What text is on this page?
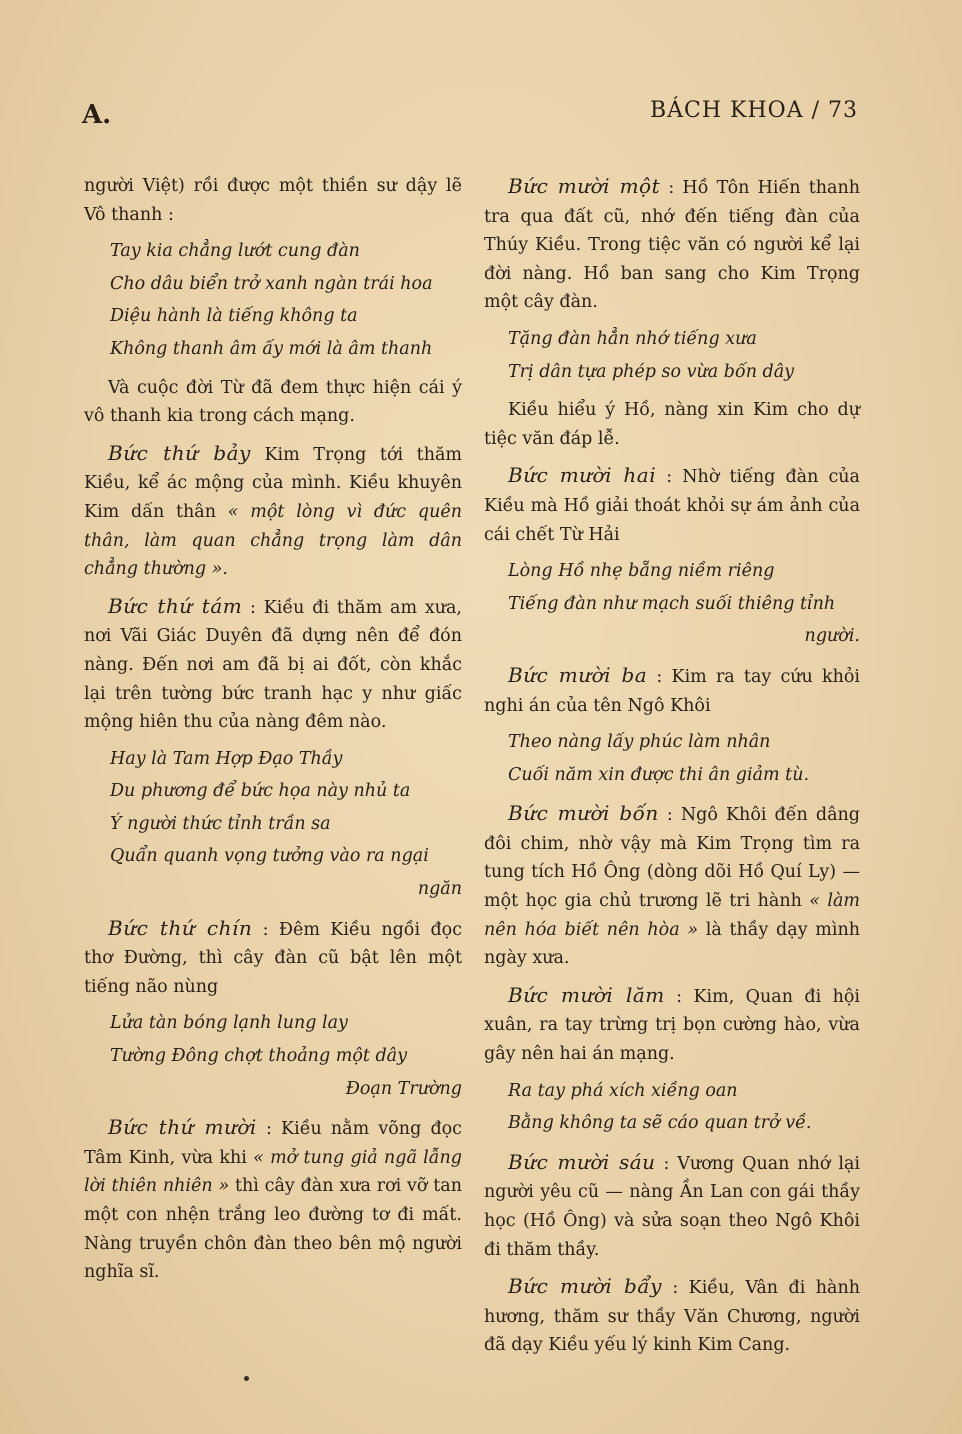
A.	BÁCH KHOA / 73

người Việt) rồi được một thiền sư dậy lẽ Vô thanh :

Tay kia chẳng lướt cung đàn
Cho dâu biển trở xanh ngàn trái hoa
Diệu hành là tiếng không ta
Không thanh âm ấy mới là âm thanh

Và cuộc đời Từ đã đem thực hiện cái ý vô thanh kia trong cách mạng.

Bức thứ bảy Kim Trọng tới thăm Kiều, kể ác mộng của mình. Kiều khuyên Kim dấn thân « một lòng vì đức quên thân, làm quan chẳng trọng làm dân chẳng thường ».

Bức thứ tám : Kiều đi thăm am xưa, nơi Vãi Giác Duyên đã dựng nên để đón nàng. Đến nơi am đã bị ai đốt, còn khắc lại trên tường bức tranh hạc y như giấc mộng hiên thu của nàng đêm nào.

Hay là Tam Hợp Đạo Thầy
Du phương để bức họa này nhủ ta
Ý người thức tỉnh trần sa
Quẩn quanh vọng tưởng vào ra ngại
ngăn

Bức thứ chín : Đêm Kiều ngồi đọc thơ Đường, thì cây đàn cũ bật lên một tiếng não nùng

Lửa tàn bóng lạnh lung lay
Tường Đông chợt thoảng một dây
Đoạn Trường

Bức thứ mười : Kiều nằm võng đọc Tâm Kinh, vừa khi « mở tung giả ngã lẫng lời thiên nhiên » thì cây đàn xưa rơi vỡ tan một con nhện trắng leo đường tơ đi mất. Nàng truyền chôn đàn theo bên mộ người nghĩa sĩ.

Bức mười một : Hồ Tôn Hiến thanh tra qua đất cũ, nhớ đến tiếng đàn của Thúy Kiều. Trong tiệc văn có người kể lại đời nàng. Hồ ban sang cho Kim Trọng một cây đàn.

Tặng đàn hẳn nhớ tiếng xưa
Trị dân tựa phép so vừa bốn dây

Kiều hiểu ý Hồ, nàng xin Kim cho dự tiệc văn đáp lễ.

Bức mười hai : Nhờ tiếng đàn của Kiều mà Hồ giải thoát khỏi sự ám ảnh của cái chết Từ Hải

Lòng Hồ nhẹ bẵng niềm riêng
Tiếng đàn như mạch suối thiêng tỉnh
người.

Bức mười ba : Kim ra tay cứu khỏi nghi án của tên Ngô Khôi

Theo nàng lấy phúc làm nhân
Cuối năm xin được thi ân giảm tù.

Bức mười bốn : Ngô Khôi đến dâng đôi chim, nhờ vậy mà Kim Trọng tìm ra tung tích Hồ Ông (dòng dõi Hồ Quí Ly) — một học gia chủ trương lẽ tri hành « làm nên hóa biết nên hòa » là thầy dạy mình ngày xưa.

Bức mười lăm : Kim, Quan đi hội xuân, ra tay trừng trị bọn cường hào, vừa gây nên hai án mạng.

Ra tay phá xích xiềng oan
Bằng không ta sẽ cáo quan trở về.

Bức mười sáu : Vương Quan nhớ lại người yêu cũ — nàng Ần Lan con gái thầy học (Hồ Ông) và sửa soạn theo Ngô Khôi đi thăm thầy.

Bức mười bẩy : Kiều, Vân đi hành hương, thăm sư thầy Văn Chương, người đã dạy Kiều yếu lý kinh Kim Cang.
